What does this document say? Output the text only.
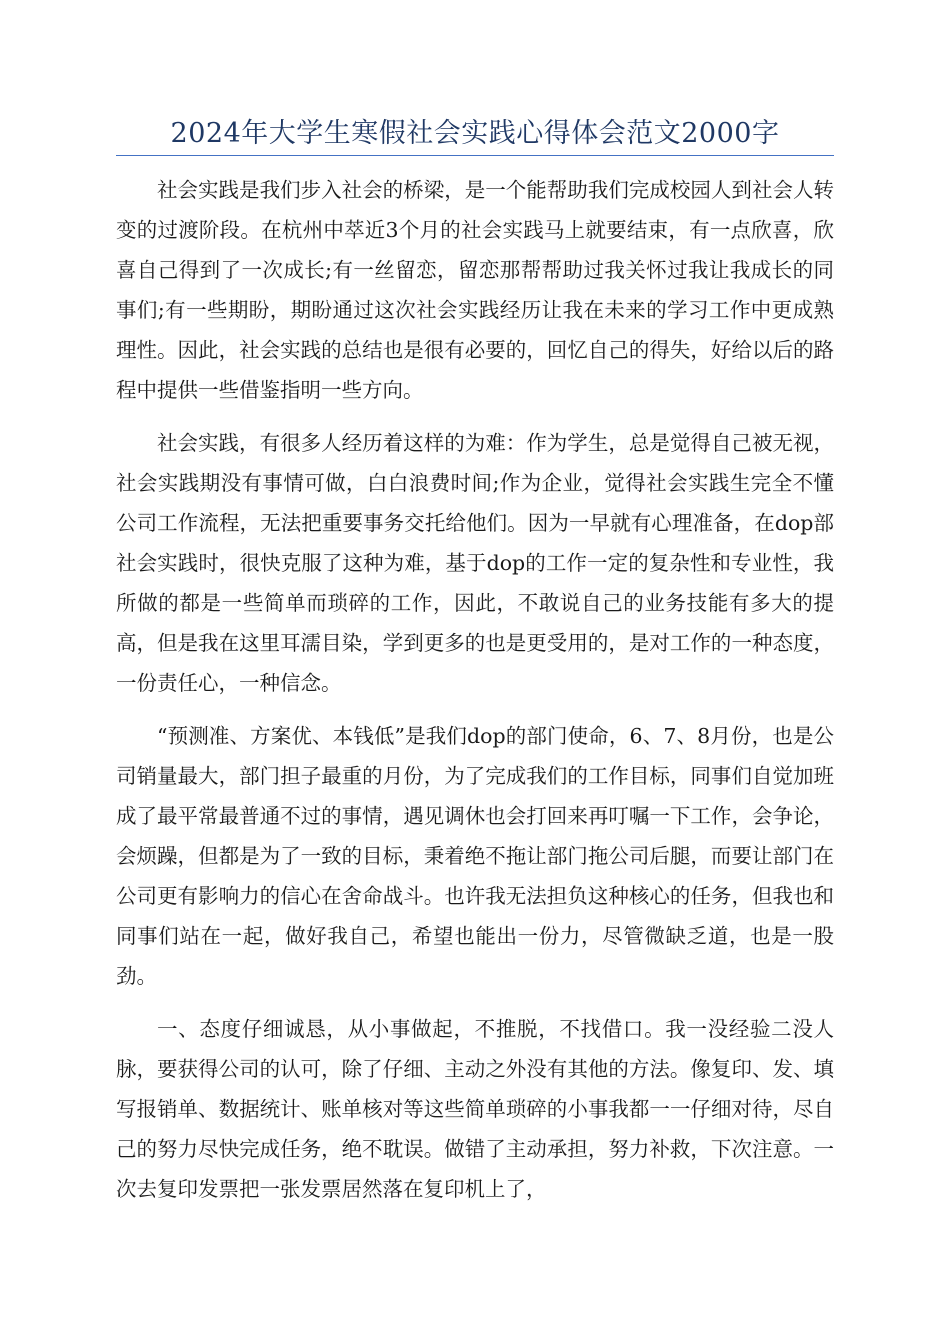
2024年大学生寒假社会实践心得体会范文2000字

社会实践是我们步入社会的桥梁，是一个能帮助我们完成校园人到社会人转变的过渡阶段。在杭州中萃近3个月的社会实践马上就要结束，有一点欣喜，欣喜自己得到了一次成长;有一丝留恋，留恋那帮帮助过我关怀过我让我成长的同事们;有一些期盼，期盼通过这次社会实践经历让我在未来的学习工作中更成熟理性。因此，社会实践的总结也是很有必要的，回忆自己的得失，好给以后的路程中提供一些借鉴指明一些方向。

社会实践，有很多人经历着这样的为难：作为学生，总是觉得自己被无视，社会实践期没有事情可做，白白浪费时间;作为企业，觉得社会实践生完全不懂公司工作流程，无法把重要事务交托给他们。因为一早就有心理准备，在dop部社会实践时，很快克服了这种为难，基于dop的工作一定的复杂性和专业性，我所做的都是一些简单而琐碎的工作，因此，不敢说自己的业务技能有多大的提高，但是我在这里耳濡目染，学到更多的也是更受用的，是对工作的一种态度，一份责任心，一种信念。

“预测准、方案优、本钱低”是我们dop的部门使命，6、7、8月份，也是公司销量最大，部门担子最重的月份，为了完成我们的工作目标，同事们自觉加班成了最平常最普通不过的事情，遇见调休也会打回来再叮嘱一下工作，会争论，会烦躁，但都是为了一致的目标，秉着绝不拖让部门拖公司后腿，而要让部门在公司更有影响力的信心在舍命战斗。也许我无法担负这种核心的任务，但我也和同事们站在一起，做好我自己，希望也能出一份力，尽管微缺乏道，也是一股劲。

一、态度仔细诚恳，从小事做起，不推脱，不找借口。我一没经验二没人脉，要获得公司的认可，除了仔细、主动之外没有其他的方法。像复印、发、填写报销单、数据统计、账单核对等这些简单琐碎的小事我都一一仔细对待，尽自己的努力尽快完成任务，绝不耽误。做错了主动承担，努力补救，下次注意。一次去复印发票把一张发票居然落在复印机上了，
